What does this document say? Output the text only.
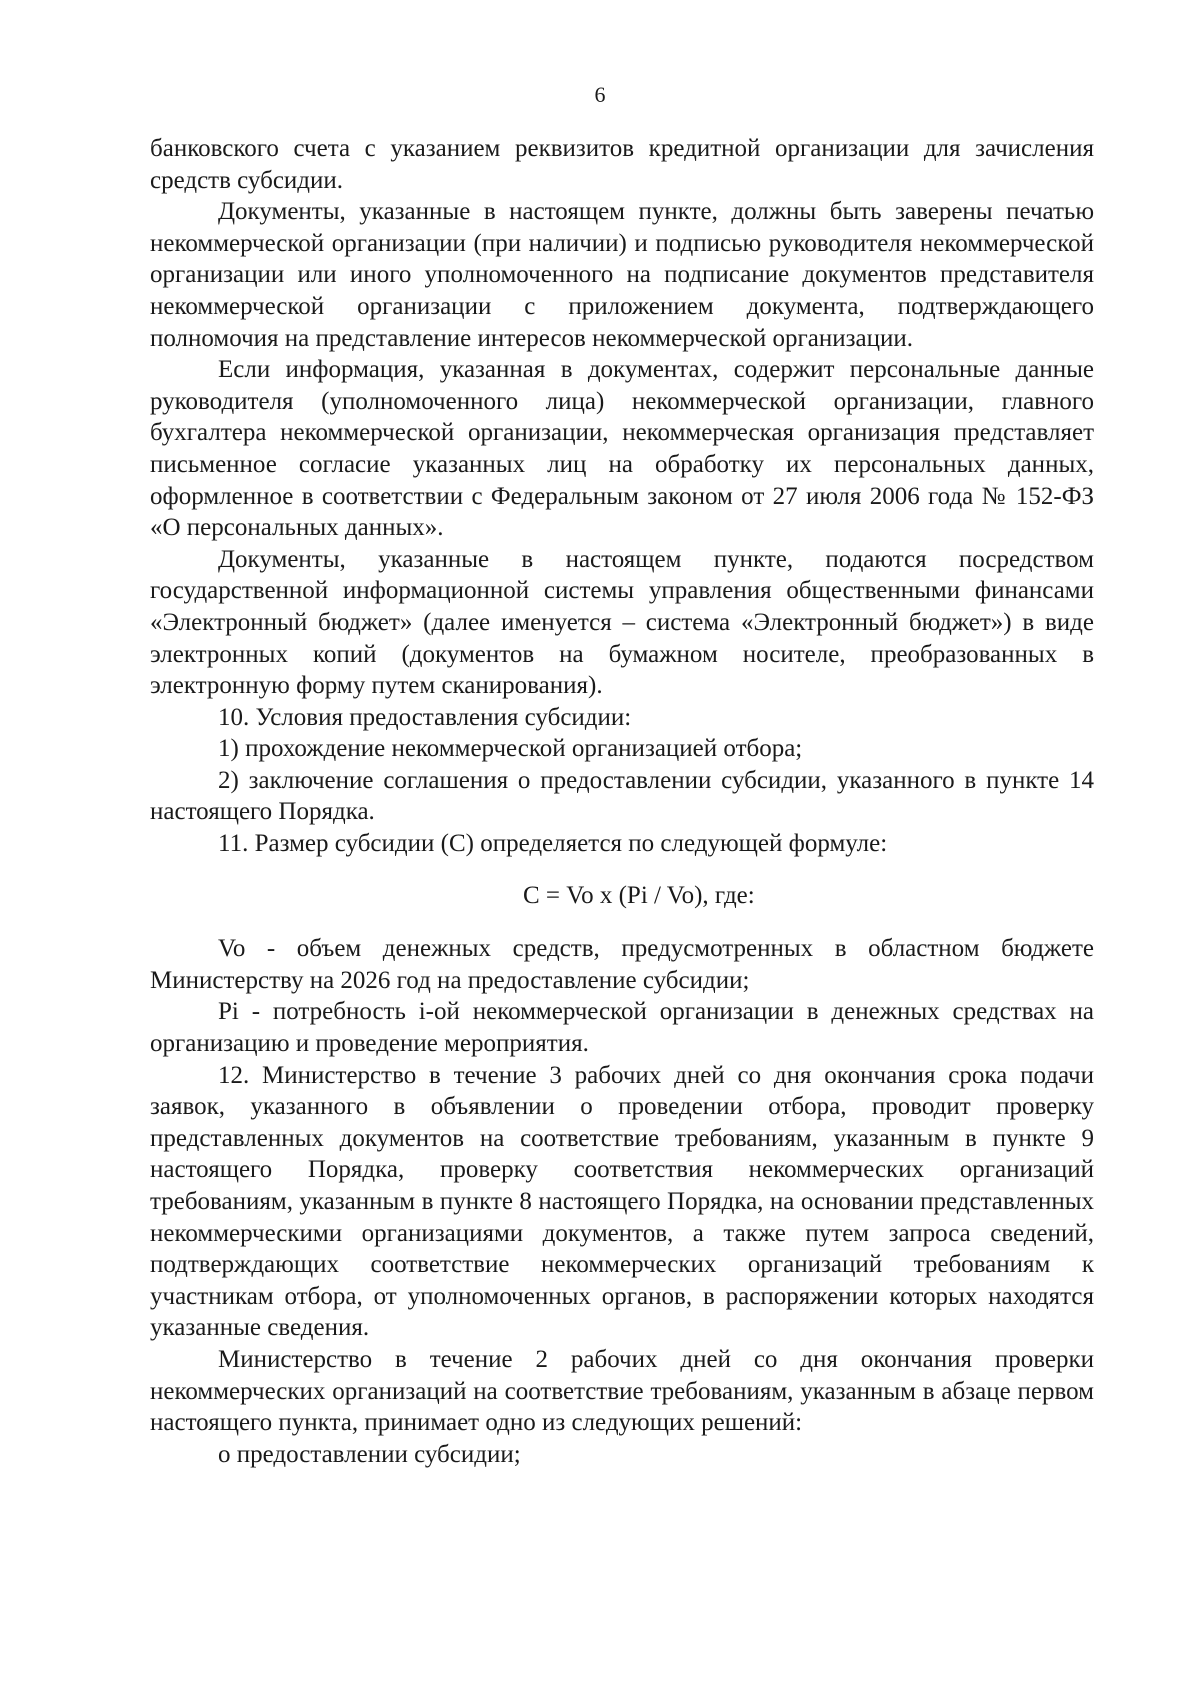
6

банковского счета с указанием реквизитов кредитной организации для зачисления средств субсидии.

Документы, указанные в настоящем пункте, должны быть заверены печатью некоммерческой организации (при наличии) и подписью руководителя некоммерческой организации или иного уполномоченного на подписание документов представителя некоммерческой организации с приложением документа, подтверждающего полномочия на представление интересов некоммерческой организации.

Если информация, указанная в документах, содержит персональные данные руководителя (уполномоченного лица) некоммерческой организации, главного бухгалтера некоммерческой организации, некоммерческая организация представляет письменное согласие указанных лиц на обработку их персональных данных, оформленное в соответствии с Федеральным законом от 27 июля 2006 года № 152-ФЗ «О персональных данных».

Документы, указанные в настоящем пункте, подаются посредством государственной информационной системы управления общественными финансами «Электронный бюджет» (далее именуется – система «Электронный бюджет») в виде электронных копий (документов на бумажном носителе, преобразованных в электронную форму путем сканирования).

10. Условия предоставления субсидии:

1) прохождение некоммерческой организацией отбора;

2) заключение соглашения о предоставлении субсидии, указанного в пункте 14 настоящего Порядка.

11. Размер субсидии (С) определяется по следующей формуле:

С = Vo x (Pi / Vo), где:

Vo - объем денежных средств, предусмотренных в областном бюджете Министерству на 2026 год на предоставление субсидии;

Pi - потребность i-ой некоммерческой организации в денежных средствах на организацию и проведение мероприятия.

12. Министерство в течение 3 рабочих дней со дня окончания срока подачи заявок, указанного в объявлении о проведении отбора, проводит проверку представленных документов на соответствие требованиям, указанным в пункте 9 настоящего Порядка, проверку соответствия некоммерческих организаций требованиям, указанным в пункте 8 настоящего Порядка, на основании представленных некоммерческими организациями документов, а также путем запроса сведений, подтверждающих соответствие некоммерческих организаций требованиям к участникам отбора, от уполномоченных органов, в распоряжении которых находятся указанные сведения.

Министерство в течение 2 рабочих дней со дня окончания проверки некоммерческих организаций на соответствие требованиям, указанным в абзаце первом настоящего пункта, принимает одно из следующих решений:

о предоставлении субсидии;
